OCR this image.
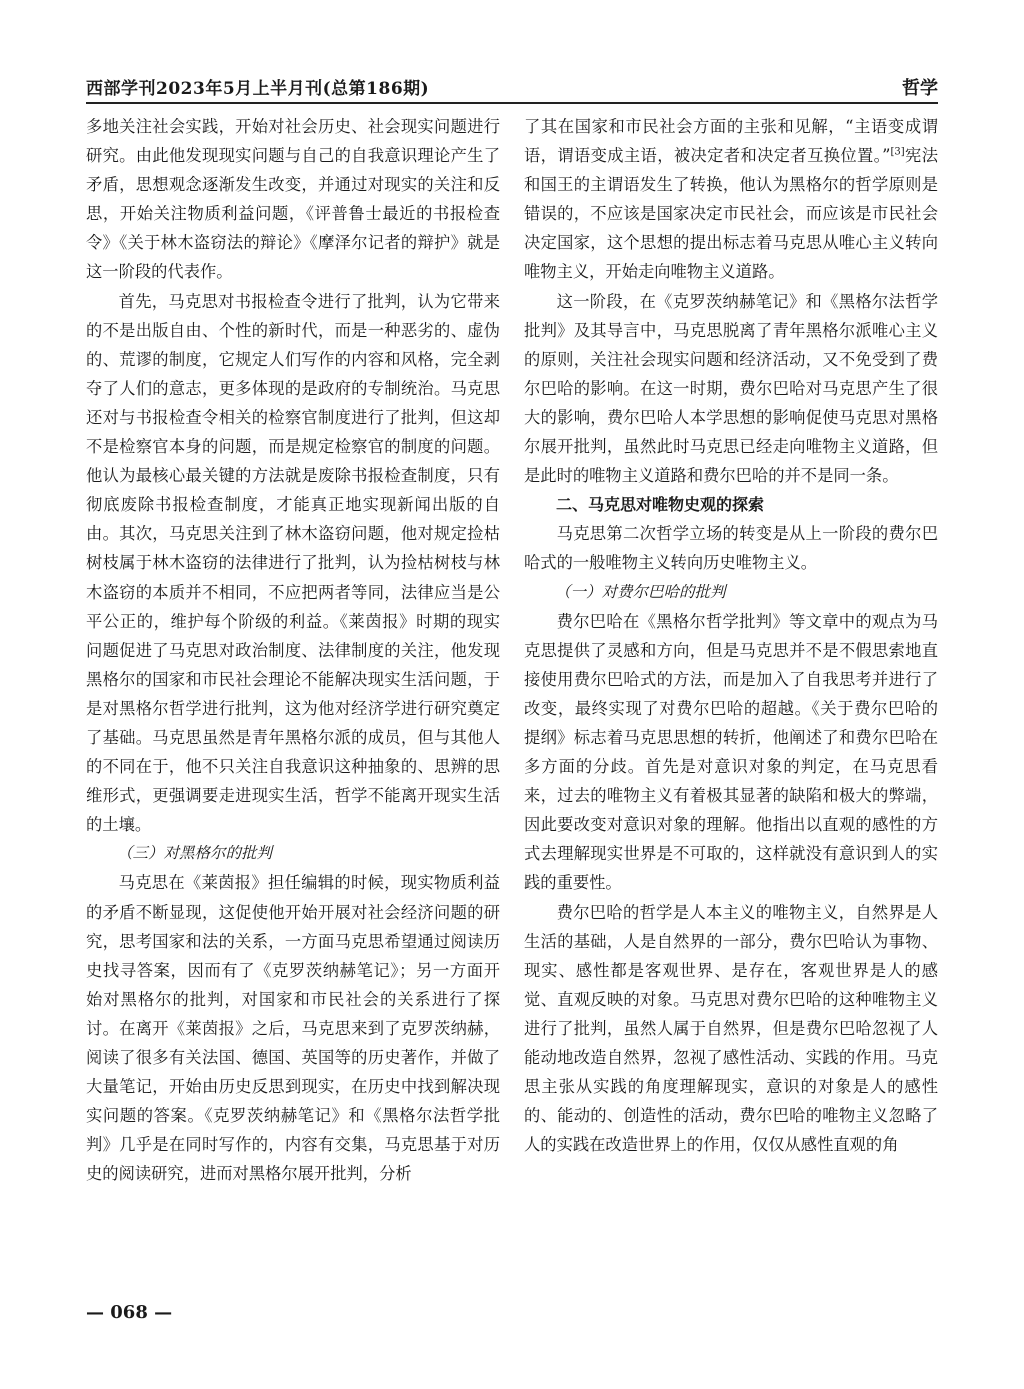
西部学刊2023年5月上半月刊(总第186期)	哲学

多地关注社会实践，开始对社会历史、社会现实问题进行研究。由此他发现现实问题与自己的自我意识理论产生了矛盾，思想观念逐渐发生改变，并通过对现实的关注和反思，开始关注物质利益问题，《评普鲁士最近的书报检查令》《关于林木盗窃法的辩论》《摩泽尔记者的辩护》就是这一阶段的代表作。

首先，马克思对书报检查令进行了批判，认为它带来的不是出版自由、个性的新时代，而是一种恶劣的、虚伪的、荒谬的制度，它规定人们写作的内容和风格，完全剥夺了人们的意志，更多体现的是政府的专制统治。马克思还对与书报检查令相关的检察官制度进行了批判，但这却不是检察官本身的问题，而是规定检察官的制度的问题。他认为最核心最关键的方法就是废除书报检查制度，只有彻底废除书报检查制度，才能真正地实现新闻出版的自由。其次，马克思关注到了林木盗窃问题，他对规定捡枯树枝属于林木盗窃的法律进行了批判，认为捡枯树枝与林木盗窃的本质并不相同，不应把两者等同，法律应当是公平公正的，维护每个阶级的利益。《莱茵报》时期的现实问题促进了马克思对政治制度、法律制度的关注，他发现黑格尔的国家和市民社会理论不能解决现实生活问题，于是对黑格尔哲学进行批判，这为他对经济学进行研究奠定了基础。马克思虽然是青年黑格尔派的成员，但与其他人的不同在于，他不只关注自我意识这种抽象的、思辨的思维形式，更强调要走进现实生活，哲学不能离开现实生活的土壤。

（三）对黑格尔的批判

马克思在《莱茵报》担任编辑的时候，现实物质利益的矛盾不断显现，这促使他开始开展对社会经济问题的研究，思考国家和法的关系，一方面马克思希望通过阅读历史找寻答案，因而有了《克罗茨纳赫笔记》；另一方面开始对黑格尔的批判，对国家和市民社会的关系进行了探讨。在离开《莱茵报》之后，马克思来到了克罗茨纳赫，阅读了很多有关法国、德国、英国等的历史著作，并做了大量笔记，开始由历史反思到现实，在历史中找到解决现实问题的答案。《克罗茨纳赫笔记》和《黑格尔法哲学批判》几乎是在同时写作的，内容有交集，马克思基于对历史的阅读研究，进而对黑格尔展开批判，分析

了其在国家和市民社会方面的主张和见解，“主语变成谓语，谓语变成主语，被决定者和决定者互换位置。”[3]宪法和国王的主谓语发生了转换，他认为黑格尔的哲学原则是错误的，不应该是国家决定市民社会，而应该是市民社会决定国家，这个思想的提出标志着马克思从唯心主义转向唯物主义，开始走向唯物主义道路。

这一阶段，在《克罗茨纳赫笔记》和《黑格尔法哲学批判》及其导言中，马克思脱离了青年黑格尔派唯心主义的原则，关注社会现实问题和经济活动，又不免受到了费尔巴哈的影响。在这一时期，费尔巴哈对马克思产生了很大的影响，费尔巴哈人本学思想的影响促使马克思对黑格尔展开批判，虽然此时马克思已经走向唯物主义道路，但是此时的唯物主义道路和费尔巴哈的并不是同一条。

二、马克思对唯物史观的探索

马克思第二次哲学立场的转变是从上一阶段的费尔巴哈式的一般唯物主义转向历史唯物主义。

（一）对费尔巴哈的批判

费尔巴哈在《黑格尔哲学批判》等文章中的观点为马克思提供了灵感和方向，但是马克思并不是不假思索地直接使用费尔巴哈式的方法，而是加入了自我思考并进行了改变，最终实现了对费尔巴哈的超越。《关于费尔巴哈的提纲》标志着马克思思想的转折，他阐述了和费尔巴哈在多方面的分歧。首先是对意识对象的判定，在马克思看来，过去的唯物主义有着极其显著的缺陷和极大的弊端，因此要改变对意识对象的理解。他指出以直观的感性的方式去理解现实世界是不可取的，这样就没有意识到人的实践的重要性。

费尔巴哈的哲学是人本主义的唯物主义，自然界是人生活的基础，人是自然界的一部分，费尔巴哈认为事物、现实、感性都是客观世界、是存在，客观世界是人的感觉、直观反映的对象。马克思对费尔巴哈的这种唯物主义进行了批判，虽然人属于自然界，但是费尔巴哈忽视了人能动地改造自然界，忽视了感性活动、实践的作用。马克思主张从实践的角度理解现实，意识的对象是人的感性的、能动的、创造性的活动，费尔巴哈的唯物主义忽略了人的实践在改造世界上的作用，仅仅从感性直观的角

— 068 —
